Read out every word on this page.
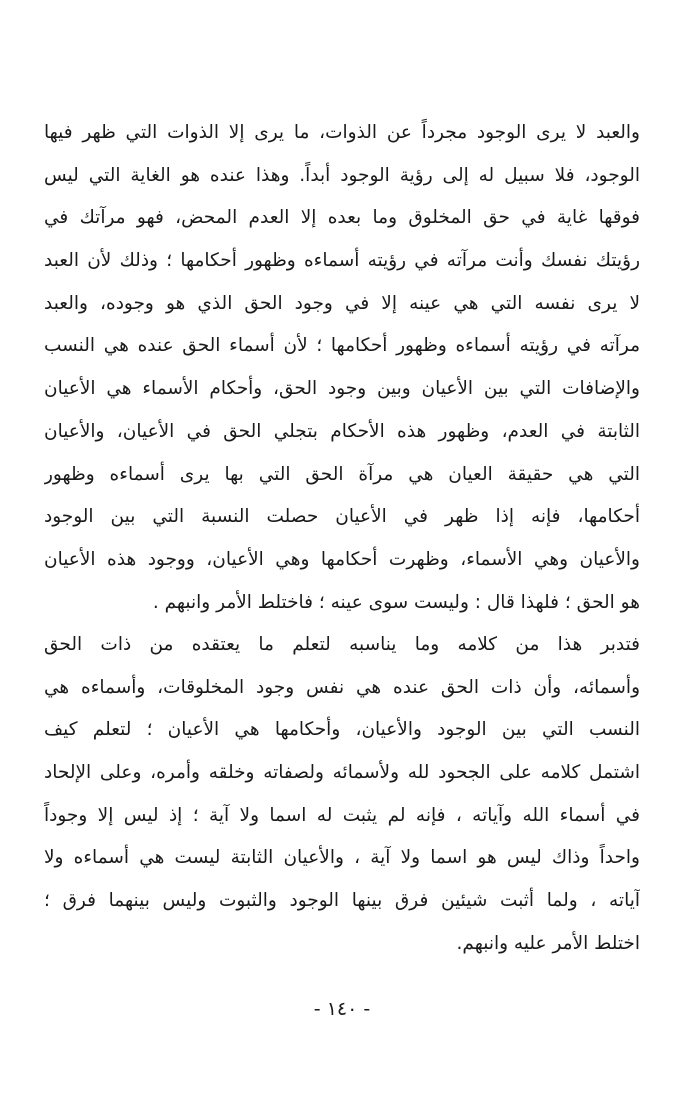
والعبد لا يرى الوجود مجرداً عن الذوات، ما يرى إلا الذوات التي ظهر فيها
الوجود، فلا سبيل له إلى رؤية الوجود أبداً. وهذا عنده هو الغاية التي ليس
فوقها غاية في حق المخلوق وما بعده إلا العدم المحض، فهو مرآتك في
رؤيتك نفسك وأنت مرآته في رؤيته أسماءه وظهور أحكامها ؛ وذلك لأن العبد
لا يرى نفسه التي هي عينه إلا في وجود الحق الذي هو وجوده، والعبد
مرآته في رؤيته أسماءه وظهور أحكامها ؛ لأن أسماء الحق عنده هي النسب
والإضافات التي بين الأعيان وبين وجود الحق، وأحكام الأسماء هي الأعيان
الثابتة في العدم، وظهور هذه الأحكام بتجلي الحق في الأعيان، والأعيان
التي هي حقيقة العيان هي مرآة الحق التي بها يرى أسماءه وظهور
أحكامها، فإنه إذا ظهر في الأعيان حصلت النسبة التي بين الوجود
والأعيان وهي الأسماء، وظهرت أحكامها وهي الأعيان، ووجود هذه الأعيان
هو الحق ؛ فلهذا قال : وليست سوى عينه ؛ فاختلط الأمر وانبهم .
فتدبر هذا من كلامه وما يناسبه لتعلم ما يعتقده من ذات الحق
وأسمائه، وأن ذات الحق عنده هي نفس وجود المخلوقات، وأسماءه هي
النسب التي بين الوجود والأعيان، وأحكامها هي الأعيان ؛ لتعلم كيف
اشتمل كلامه على الجحود لله ولأسمائه ولصفاته وخلقه وأمره، وعلى الإلحاد
في أسماء الله وآياته ، فإنه لم يثبت له اسما ولا آية ؛ إذ ليس إلا وجوداً
واحداً وذاك ليس هو اسما ولا آية ، والأعيان الثابتة ليست هي أسماءه ولا
آياته ، ولما أثبت شيئين فرق بينها الوجود والثبوت وليس بينهما فرق ؛
اختلط الأمر عليه وانبهم.
- ١٤٠ -
